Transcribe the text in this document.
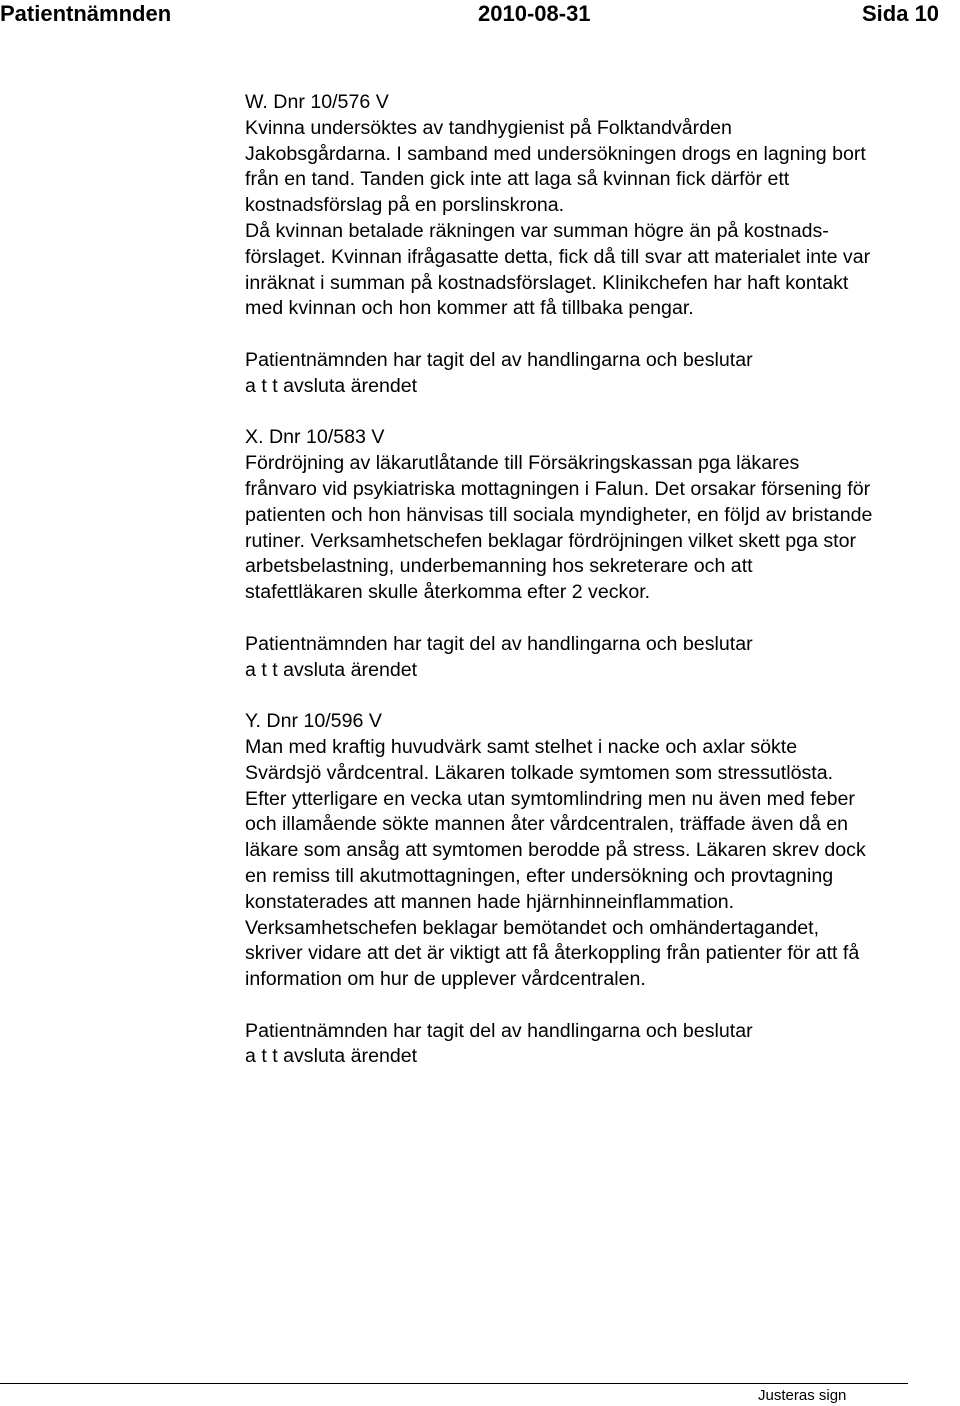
Patientnämnden	2010-08-31	Sida 10
W. Dnr 10/576 V
Kvinna undersöktes av tandhygienist på Folktandvården
Jakobsgårdarna. I samband med undersökningen drogs en lagning bort
från en tand. Tanden gick inte att laga så kvinnan fick därför ett
kostnadsförslag på en porslinskrona.
Då kvinnan betalade räkningen var summan högre än på kostnads-
förslaget. Kvinnan ifrågasatte detta, fick då till svar att materialet inte var
inräknat i summan på kostnadsförslaget. Klinikchefen har haft kontakt
med kvinnan och hon kommer att få tillbaka pengar.
Patientnämnden har tagit del av handlingarna och beslutar
a t t avsluta ärendet
X. Dnr 10/583 V
Fördröjning av läkarutlåtande till Försäkringskassan pga läkares
frånvaro vid psykiatriska mottagningen i Falun. Det orsakar försening för
patienten och hon hänvisas till sociala myndigheter, en följd av bristande
rutiner. Verksamhetschefen beklagar fördröjningen vilket skett pga stor
arbetsbelastning, underbemanning hos sekreterare och att
stafettläkaren skulle återkomma efter 2 veckor.
Patientnämnden har tagit del av handlingarna och beslutar
a t t avsluta ärendet
Y. Dnr 10/596 V
Man med kraftig huvudvärk samt stelhet i nacke och axlar sökte
Svärdsjö vårdcentral. Läkaren tolkade symtomen som stressutlösta.
Efter ytterligare en vecka utan symtomlindring men nu även med feber
och illamående sökte mannen åter vårdcentralen, träffade även då en
läkare som ansåg att symtomen berodde på stress. Läkaren skrev dock
en remiss till akutmottagningen, efter undersökning och provtagning
konstaterades att mannen hade hjärnhinneinflammation.
Verksamhetschefen beklagar bemötandet och omhändertagandet,
skriver vidare att det är viktigt att få återkoppling från patienter för att få
information om hur de upplever vårdcentralen.
Patientnämnden har tagit del av handlingarna och beslutar
a t t avsluta ärendet
Justeras sign
